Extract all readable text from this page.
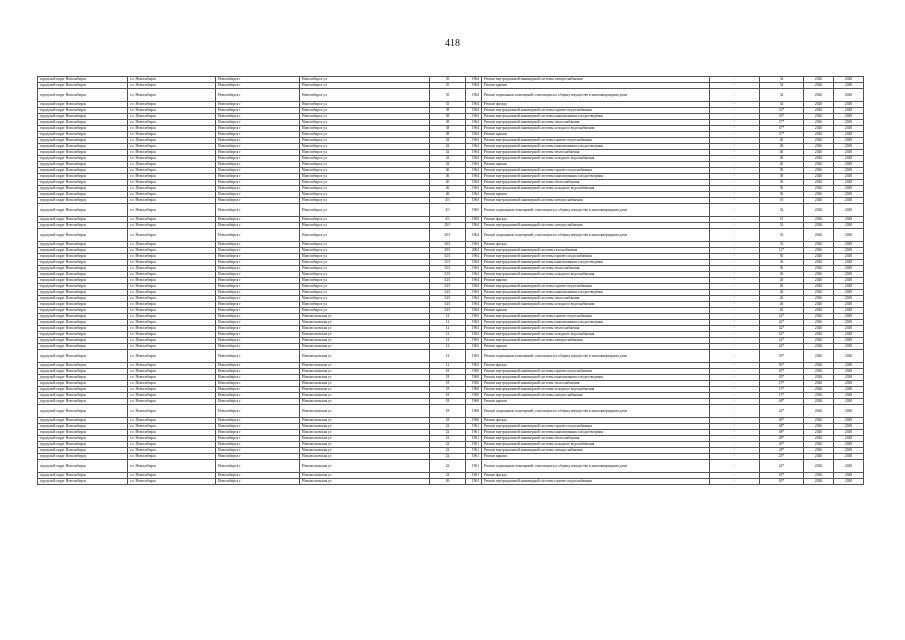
418
городской округ Новосибирск	г.о. Новосибирск	Новосибирск г	Новосибирск ул	35	1964	Ремонт внутридомовой инженерной системы электроснабжения	-	34	2026	2028
городской округ Новосибирск	г.о. Новосибирск	Новосибирск г	Новосибирск ул	35	1964	Ремонт крыши	-	34	2026	2028
городской округ Новосибирск	г.о. Новосибирск	Новосибирск г	Новосибирск ул	35	1964	Ремонт подвальных помещений, относящихся к общему имуществу в многоквартирном доме	-	34	2026	2028
городской округ Новосибирск	г.о. Новосибирск	Новосибирск г	Новосибирск ул	35	1964	Ремонт фасада	-	34	2026	2028
городской округ Новосибирск	г.о. Новосибирск	Новосибирск г	Новосибирск ул	38	1964	Ремонт внутридомовой инженерной системы горячего водоснабжения	-	33*	2026	2028
городской округ Новосибирск	г.о. Новосибирск	Новосибирск г	Новосибирск ул	38	1964	Ремонт внутридомовой инженерной системы канализования и водоотведения	-	33*	2026	2028
городской округ Новосибирск	г.о. Новосибирск	Новосибирск г	Новосибирск ул	38	1964	Ремонт внутридомовой инженерной системы теплоснабжения	-	37*	2026	2028
городской округ Новосибирск	г.о. Новосибирск	Новосибирск г	Новосибирск ул	38	1964	Ремонт внутридомовой инженерной системы холодного водоснабжения	-	37*	2026	2028
городской округ Новосибирск	г.о. Новосибирск	Новосибирск г	Новосибирск ул	38	1964	Ремонт крыши	-	37*	2026	2028
городской округ Новосибирск	г.о. Новосибирск	Новосибирск г	Новосибирск ул	42	1964	Ремонт внутридомовой инженерной системы горячего водоснабжения	-	40	2026	2028
городской округ Новосибирск	г.о. Новосибирск	Новосибирск г	Новосибирск ул	42	1964	Ремонт внутридомовой инженерной системы канализования и водоотведения	-	40	2026	2028
городской округ Новосибирск	г.о. Новосибирск	Новосибирск г	Новосибирск ул	42	1964	Ремонт внутридомовой инженерной системы теплоснабжения	-	40	2026	2028
городской округ Новосибирск	г.о. Новосибирск	Новосибирск г	Новосибирск ул	42	1964	Ремонт внутридомовой инженерной системы холодного водоснабжения	-	40	2026	2028
городской округ Новосибирск	г.о. Новосибирск	Новосибирск г	Новосибирск ул	42	1964	Ремонт крыши	-	40	2026	2028
городской округ Новосибирск	г.о. Новосибирск	Новосибирск г	Новосибирск ул	46	1964	Ремонт внутридомовой инженерной системы горячего водоснабжения	-	30	2026	2028
городской округ Новосибирск	г.о. Новосибирск	Новосибирск г	Новосибирск ул	46	1964	Ремонт внутридомовой инженерной системы канализования и водоотведения	-	30	2026	2028
городской округ Новосибирск	г.о. Новосибирск	Новосибирск г	Новосибирск ул	46	1964	Ремонт внутридомовой инженерной системы теплоснабжения	-	30	2026	2028
городской округ Новосибирск	г.о. Новосибирск	Новосибирск г	Новосибирск ул	46	1964	Ремонт внутридомовой инженерной системы холодного водоснабжения	-	30	2026	2028
городской округ Новосибирск	г.о. Новосибирск	Новосибирск г	Новосибирск ул	46	1964	Ремонт крыши	-	30	2026	2028
городской округ Новосибирск	г.о. Новосибирск	Новосибирск г	Новосибирск ул	4/1	1965	Ремонт внутридомовой инженерной системы электроснабжения	-	10	2026	2028
городской округ Новосибирск	г.о. Новосибирск	Новосибирск г	Новосибирск ул	4/1	1965	Ремонт подвальных помещений, относящихся к общему имуществу в многоквартирном доме	-	32	2026	2028
городской округ Новосибирск	г.о. Новосибирск	Новосибирск г	Новосибирск ул	4/1	1965	Ремонт фасада	-	15	2026	2028
городской округ Новосибирск	г.о. Новосибирск	Новосибирск г	Новосибирск ул	20/1	1964	Ремонт внутридомовой инженерной системы электроснабжения	-	33	2026	2028
городской округ Новосибирск	г.о. Новосибирск	Новосибирск г	Новосибирск ул	20/1	1964	Ремонт подвальных помещений, относящихся к общему имуществу в многоквартирном доме	-	33	2026	2028
городской округ Новосибирск	г.о. Новосибирск	Новосибирск г	Новосибирск ул	20/1	1964	Ремонт фасада	-	33	2026	2028
городской округ Новосибирск	г.о. Новосибирск	Новосибирск г	Новосибирск ул	28/1	2004	Ремонт внутридомовой инженерной системы газоснабжения	-	12*	2026	2028
городской округ Новосибирск	г.о. Новосибирск	Новосибирск г	Новосибирск ул	32/1	1964	Ремонт внутридомовой инженерной системы горячего водоснабжения	-	30	2026	2028
городской округ Новосибирск	г.о. Новосибирск	Новосибирск г	Новосибирск ул	32/1	1964	Ремонт внутридомовой инженерной системы канализования и водоотведения	-	36	2026	2028
городской округ Новосибирск	г.о. Новосибирск	Новосибирск г	Новосибирск ул	32/1	1964	Ремонт внутридомовой инженерной системы теплоснабжения	-	36	2026	2028
городской округ Новосибирск	г.о. Новосибирск	Новосибирск г	Новосибирск ул	32/1	1964	Ремонт внутридомовой инженерной системы холодного водоснабжения	-	36	2026	2028
городской округ Новосибирск	г.о. Новосибирск	Новосибирск г	Новосибирск ул	32/1	1964	Ремонт крыши	-	20	2026	2028
городской округ Новосибирск	г.о. Новосибирск	Новосибирск г	Новосибирск ул	34/1	1964	Ремонт внутридомовой инженерной системы горячего водоснабжения	-	26	2026	2028
городской округ Новосибирск	г.о. Новосибирск	Новосибирск г	Новосибирск ул	34/1	1964	Ремонт внутридомовой инженерной системы канализования и водоотведения	-	26	2026	2028
городской округ Новосибирск	г.о. Новосибирск	Новосибирск г	Новосибирск ул	34/1	1964	Ремонт внутридомовой инженерной системы теплоснабжения	-	26	2026	2028
городской округ Новосибирск	г.о. Новосибирск	Новосибирск г	Новосибирск ул	34/1	1964	Ремонт внутридомовой инженерной системы холодного водоснабжения	-	26	2026	2028
городской округ Новосибирск	г.о. Новосибирск	Новосибирск г	Новосибирск ул	34/1	1964	Ремонт крыши	-	20	2026	2028
городской округ Новосибирск	г.о. Новосибирск	Новосибирск г	Новомосковская ул	12	1963	Ремонт внутридомовой инженерной системы горячего водоснабжения	-	42*	2026	2028
городской округ Новосибирск	г.о. Новосибирск	Новосибирск г	Новомосковская ул	12	1963	Ремонт внутридомовой инженерной системы канализования и водоотведения	-	42*	2026	2028
городской округ Новосибирск	г.о. Новосибирск	Новосибирск г	Новомосковская ул	12	1963	Ремонт внутридомовой инженерной системы теплоснабжения	-	42*	2026	2028
городской округ Новосибирск	г.о. Новосибирск	Новосибирск г	Новомосковская ул	12	1963	Ремонт внутридомовой инженерной системы холодного водоснабжения	-	42*	2026	2028
городской округ Новосибирск	г.о. Новосибирск	Новосибирск г	Новомосковская ул	12	1963	Ремонт внутридомовой инженерной системы электроснабжения	-	42*	2026	2028
городской округ Новосибирск	г.о. Новосибирск	Новосибирск г	Новомосковская ул	12	1963	Ремонт крыши	-	42*	2026	2028
городской округ Новосибирск	г.о. Новосибирск	Новосибирск г	Новомосковская ул	12	1963	Ремонт подвальных помещений, относящихся к общему имуществу в многоквартирном доме	-	39*	2026	2028
городской округ Новосибирск	г.о. Новосибирск	Новосибирск г	Новомосковская ул	12	1963	Ремонт фасада	-	40*	2026	2028
городской округ Новосибирск	г.о. Новосибирск	Новосибирск г	Новомосковская ул	18	1960	Ремонт внутридомовой инженерной системы горячего водоснабжения	-	45*	2026	2028
городской округ Новосибирск	г.о. Новосибирск	Новосибирск г	Новомосковская ул	18	1960	Ремонт внутридомовой инженерной системы канализования и водоотведения	-	45*	2026	2028
городской округ Новосибирск	г.о. Новосибирск	Новосибирск г	Новомосковская ул	18	1960	Ремонт внутридомовой инженерной системы теплоснабжения	-	15*	2026	2028
городской округ Новосибирск	г.о. Новосибирск	Новосибирск г	Новомосковская ул	18	1960	Ремонт внутридомовой инженерной системы холодного водоснабжения	-	15*	2026	2028
городской округ Новосибирск	г.о. Новосибирск	Новосибирск г	Новомосковская ул	18	1960	Ремонт внутридомовой инженерной системы электроснабжения	-	15*	2026	2028
городской округ Новосибирск	г.о. Новосибирск	Новосибирск г	Новомосковская ул	18	1960	Ремонт крыши	-	48*	2026	2028
городской округ Новосибирск	г.о. Новосибирск	Новосибирск г	Новомосковская ул	18	1960	Ремонт подвальных помещений, относящихся к общему имуществу в многоквартирном доме	-	42*	2026	2028
городской округ Новосибирск	г.о. Новосибирск	Новосибирск г	Новомосковская ул	18	1960	Ремонт фасада	-	40*	2026	2028
городской округ Новосибирск	г.о. Новосибирск	Новосибирск г	Новомосковская ул	22	1961	Ремонт внутридомовой инженерной системы горячего водоснабжения	-	48*	2026	2028
городской округ Новосибирск	г.о. Новосибирск	Новосибирск г	Новомосковская ул	22	1961	Ремонт внутридомовой инженерной системы канализования и водоотведения	-	48*	2026	2028
городской округ Новосибирск	г.о. Новосибирск	Новосибирск г	Новомосковская ул	22	1961	Ремонт внутридомовой инженерной системы теплоснабжения	-	48*	2026	2028
городской округ Новосибирск	г.о. Новосибирск	Новосибирск г	Новомосковская ул	22	1961	Ремонт внутридомовой инженерной системы холодного водоснабжения	-	45*	2026	2028
городской округ Новосибирск	г.о. Новосибирск	Новосибирск г	Новомосковская ул	22	1961	Ремонт внутридомовой инженерной системы электроснабжения	-	28*	2026	2028
городской округ Новосибирск	г.о. Новосибирск	Новосибирск г	Новомосковская ул	22	1961	Ремонт крыши	-	25*	2026	2028
городской округ Новосибирск	г.о. Новосибирск	Новосибирск г	Новомосковская ул	22	1961	Ремонт подвальных помещений, относящихся к общему имуществу в многоквартирном доме	-	42*	2026	2028
городской округ Новосибирск	г.о. Новосибирск	Новосибирск г	Новомосковская ул	22	1961	Ремонт фасада	-	43*	2026	2028
городской округ Новосибирск	г.о. Новосибирск	Новосибирск г	Новомосковская ул	26	1963	Ремонт внутридомовой инженерной системы горячего водоснабжения	-	40*	2026	2028
